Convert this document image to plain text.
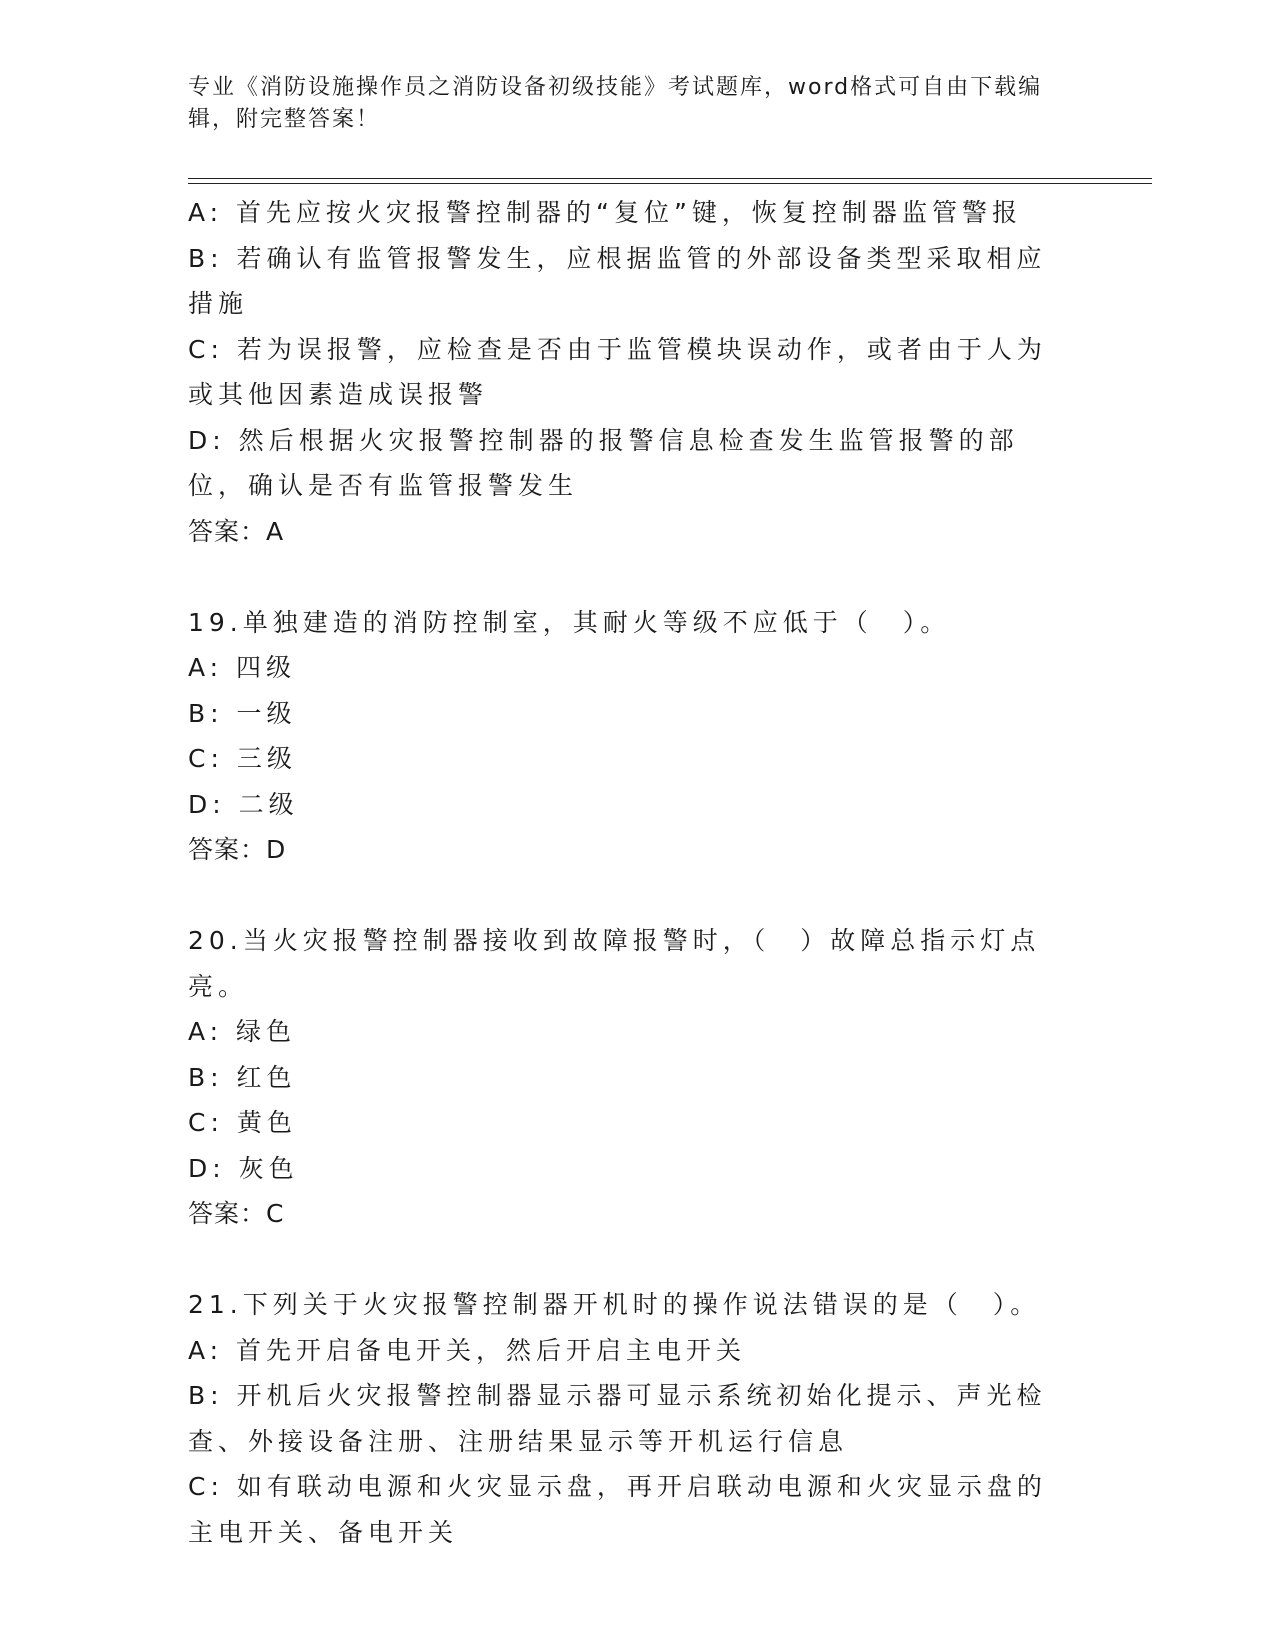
专业《消防设施操作员之消防设备初级技能》考试题库，word格式可自由下载编辑，附完整答案！

A: 首先应按火灾报警控制器的“复位”键，恢复控制器监管警报

B: 若确认有监管报警发生，应根据监管的外部设备类型采取相应措施

C: 若为误报警，应检查是否由于监管模块误动作，或者由于人为或其他因素造成误报警

D: 然后根据火灾报警控制器的报警信息检查发生监管报警的部位，确认是否有监管报警发生

答案：A

19.单独建造的消防控制室，其耐火等级不应低于（　）。

A: 四级

B: 一级

C: 三级

D: 二级

答案：D

20.当火灾报警控制器接收到故障报警时，（　）故障总指示灯点亮。

A: 绿色

B: 红色

C: 黄色

D: 灰色

答案：C

21.下列关于火灾报警控制器开机时的操作说法错误的是（　）。

A: 首先开启备电开关，然后开启主电开关

B: 开机后火灾报警控制器显示器可显示系统初始化提示、声光检查、外接设备注册、注册结果显示等开机运行信息

C: 如有联动电源和火灾显示盘，再开启联动电源和火灾显示盘的主电开关、备电开关
